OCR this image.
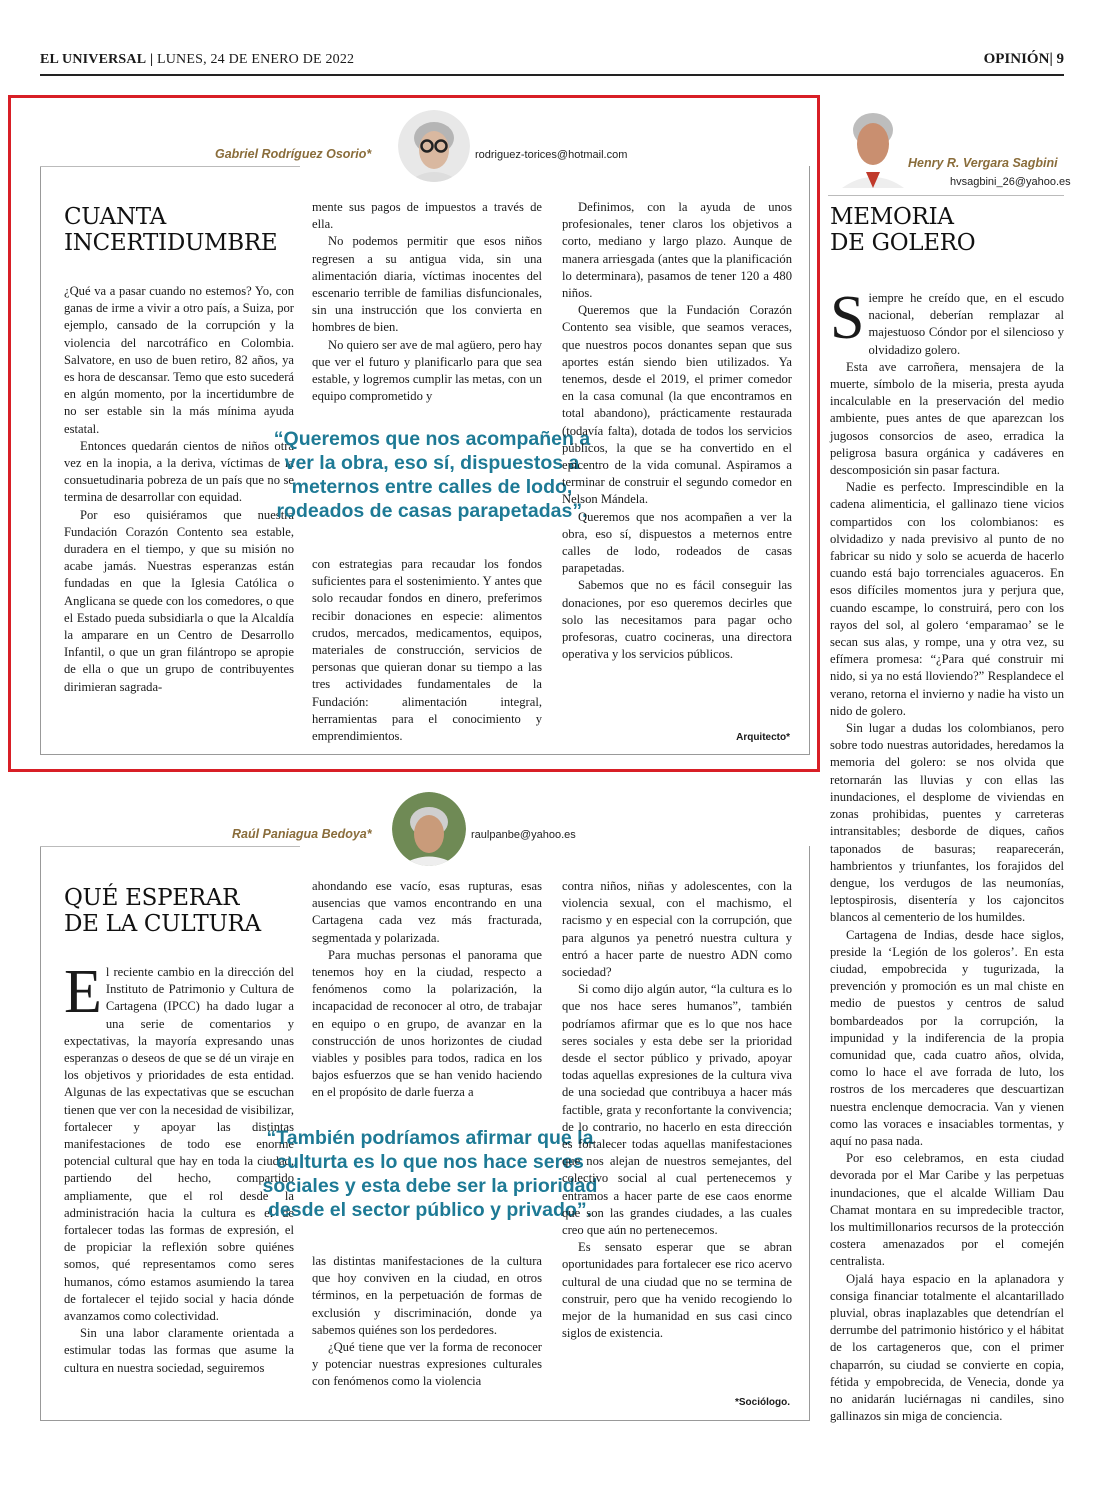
EL UNIVERSAL | LUNES, 24 DE ENERO DE 2022	OPINIÓN| 9
Gabriel Rodríguez Osorio*	rodriguez-torices@hotmail.com
CUANTA
INCERTIDUMBRE

¿Qué va a pasar cuando no estemos? Yo, con ganas de irme a vivir a otro país, a Suiza, por ejemplo, cansado de la corrupción y la violencia del narcotráfico en Colombia. Salvatore, en uso de buen retiro, 82 años, ya es hora de descansar. Temo que esto sucederá en algún momento, por la incertidumbre de no ser estable sin la más mínima ayuda estatal.

Entonces quedarán cientos de niños otra vez en la inopia, a la deriva, víctimas de la consuetudinaria pobreza de un país que no se termina de desarrollar con equidad.

Por eso quisiéramos que nuestra Fundación Corazón Contento sea estable, duradera en el tiempo, y que su misión no acabe jamás. Nuestras esperanzas están fundadas en que la Iglesia Católica o Anglicana se quede con los comedores, o que el Estado pueda subsidiarla o que la Alcaldía la amparare en un Centro de Desarrollo Infantil, o que un gran filántropo se apropie de ella o que un grupo de contribuyentes dirimieran sagrada-

mente sus pagos de impuestos a través de ella.

No podemos permitir que esos niños regresen a su antigua vida, sin una alimentación diaria, víctimas inocentes del escenario terrible de familias disfuncionales, sin una instrucción que los convierta en hombres de bien.

No quiero ser ave de mal agüero, pero hay que ver el futuro y planificarlo para que sea estable, y logremos cumplir las metas, con un equipo comprometido y

“Queremos que nos acompañen a ver la obra, eso sí, dispuestos a meternos entre calles de lodo, rodeados de casas parapetadas”.

con estrategias para recaudar los fondos suficientes para el sostenimiento. Y antes que solo recaudar fondos en dinero, preferimos recibir donaciones en especie: alimentos crudos, mercados, medicamentos, equipos, materiales de construcción, servicios de personas que quieran donar su tiempo a las tres actividades fundamentales de la Fundación: alimentación integral, herramientas para el conocimiento y emprendimientos.

Definimos, con la ayuda de unos profesionales, tener claros los objetivos a corto, mediano y largo plazo. Aunque de manera arriesgada (antes que la planificación lo determinara), pasamos de tener 120 a 480 niños.

Queremos que la Fundación Corazón Contento sea visible, que seamos veraces, que nuestros pocos donantes sepan que sus aportes están siendo bien utilizados. Ya tenemos, desde el 2019, el primer comedor en la casa comunal (la que encontramos en total abandono), prácticamente restaurada (todavía falta), dotada de todos los servicios públicos, la que se ha convertido en el epicentro de la vida comunal. Aspiramos a terminar de construir el segundo comedor en Nelson Mándela.

Queremos que nos acompañen a ver la obra, eso sí, dispuestos a meternos entre calles de lodo, rodeados de casas parapetadas.

Sabemos que no es fácil conseguir las donaciones, por eso queremos decirles que solo las necesitamos para pagar ocho profesoras, cuatro cocineras, una directora operativa y los servicios públicos.

Arquitecto*
Raúl Paniagua Bedoya*	raulpanbe@yahoo.es
QUÉ ESPERAR
DE LA CULTURA

El reciente cambio en la dirección del Instituto de Patrimonio y Cultura de Cartagena (IPCC) ha dado lugar a una serie de comentarios y expectativas, la mayoría expresando unas esperanzas o deseos de que se dé un viraje en los objetivos y prioridades de esta entidad. Algunas de las expectativas que se escuchan tienen que ver con la necesidad de visibilizar, fortalecer y apoyar las distintas manifestaciones de todo ese enorme potencial cultural que hay en toda la ciudad, partiendo del hecho, compartido ampliamente, que el rol desde la administración hacia la cultura es el de fortalecer todas las formas de expresión, el de propiciar la reflexión sobre quiénes somos, qué representamos como seres humanos, cómo estamos asumiendo la tarea de fortalecer el tejido social y hacia dónde avanzamos como colectividad.

Sin una labor claramente orientada a estimular todas las formas que asume la cultura en nuestra sociedad, seguiremos

ahondando ese vacío, esas rupturas, esas ausencias que vamos encontrando en una Cartagena cada vez más fracturada, segmentada y polarizada.

Para muchas personas el panorama que tenemos hoy en la ciudad, respecto a fenómenos como la polarización, la incapacidad de reconocer al otro, de trabajar en equipo o en grupo, de avanzar en la construcción de unos horizontes de ciudad viables y posibles para todos, radica en los bajos esfuerzos que se han venido haciendo en el propósito de darle fuerza a

“También podríamos afirmar que la culturta es lo que nos hace seres sociales y esta debe ser la prioridad desde el sector público y privado”.

las distintas manifestaciones de la cultura que hoy conviven en la ciudad, en otros términos, en la perpetuación de formas de exclusión y discriminación, donde ya sabemos quiénes son los perdedores.

¿Qué tiene que ver la forma de reconocer y potenciar nuestras expresiones culturales con fenómenos como la violencia

contra niños, niñas y adolescentes, con la violencia sexual, con el machismo, el racismo y en especial con la corrupción, que para algunos ya penetró nuestra cultura y entró a hacer parte de nuestro ADN como sociedad?

Si como dijo algún autor, “la cultura es lo que nos hace seres humanos”, también podríamos afirmar que es lo que nos hace seres sociales y esta debe ser la prioridad desde el sector público y privado, apoyar todas aquellas expresiones de la cultura viva de una sociedad que contribuya a hacer más factible, grata y reconfortante la convivencia; de lo contrario, no hacerlo en esta dirección es fortalecer todas aquellas manifestaciones que nos alejan de nuestros semejantes, del colectivo social al cual pertenecemos y entramos a hacer parte de ese caos enorme que son las grandes ciudades, a las cuales creo que aún no pertenecemos.

Es sensato esperar que se abran oportunidades para fortalecer ese rico acervo cultural de una ciudad que no se termina de construir, pero que ha venido recogiendo lo mejor de la humanidad en sus casi cinco siglos de existencia.

*Sociólogo.
Henry R. Vergara Sagbini
hvsagbini_26@yahoo.es
MEMORIA
DE GOLERO

Siempre he creído que, en el escudo nacional, deberían remplazar al majestuoso Cóndor por el silencioso y olvidadizo golero.

Esta ave carroñera, mensajera de la muerte, símbolo de la miseria, presta ayuda incalculable en la preservación del medio ambiente, pues antes de que aparezcan los jugosos consorcios de aseo, erradica la peligrosa basura orgánica y cadáveres en descomposición sin pasar factura.

Nadie es perfecto. Imprescindible en la cadena alimenticia, el gallinazo tiene vicios compartidos con los colombianos: es olvidadizo y nada previsivo al punto de no fabricar su nido y solo se acuerda de hacerlo cuando está bajo torrenciales aguaceros. En esos difíciles momentos jura y perjura que, cuando escampe, lo construirá, pero con los rayos del sol, al golero ‘emparamao’ se le secan sus alas, y rompe, una y otra vez, su efímera promesa: “¿Para qué construir mi nido, si ya no está lloviendo?” Resplandece el verano, retorna el invierno y nadie ha visto un nido de golero.

Sin lugar a dudas los colombianos, pero sobre todo nuestras autoridades, heredamos la memoria del golero: se nos olvida que retornarán las lluvias y con ellas las inundaciones, el desplome de viviendas en zonas prohibidas, puentes y carreteras intransitables; desborde de diques, caños taponados de basuras; reaparecerán, hambrientos y triunfantes, los forajidos del dengue, los verdugos de las neumonías, leptospirosis, disentería y los cajoncitos blancos al cementerio de los humildes.

Cartagena de Indias, desde hace siglos, preside la ‘Legión de los goleros’. En esta ciudad, empobrecida y tugurizada, la prevención y promoción es un mal chiste en medio de puestos y centros de salud bombardeados por la corrupción, la impunidad y la indiferencia de la propia comunidad que, cada cuatro años, olvida, como lo hace el ave forrada de luto, los rostros de los mercaderes que descuartizan nuestra enclenque democracia. Van y vienen como las voraces e insaciables tormentas, y aquí no pasa nada.

Por eso celebramos, en esta ciudad devorada por el Mar Caribe y las perpetuas inundaciones, que el alcalde William Dau Chamat montara en su impredecible tractor, los multimillonarios recursos de la protección costera amenazados por el comején centralista.

Ojalá haya espacio en la aplanadora y consiga financiar totalmente el alcantarillado pluvial, obras inaplazables que detendrían el derrumbe del patrimonio histórico y el hábitat de los cartageneros que, con el primer chaparrón, su ciudad se convierte en copia, fétida y empobrecida, de Venecia, donde ya no anidarán luciérnagas ni candiles, sino gallinazos sin miga de conciencia.
